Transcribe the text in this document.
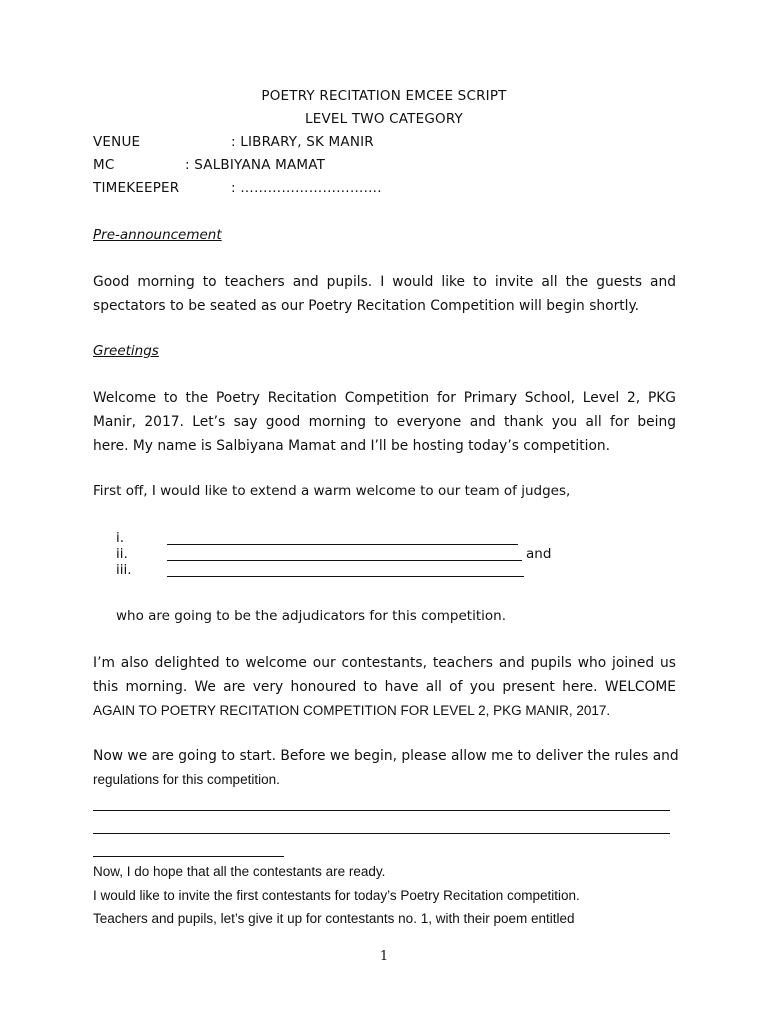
POETRY RECITATION EMCEE SCRIPT
LEVEL TWO CATEGORY
VENUE	: LIBRARY, SK MANIR
MC	: SALBIYANA MAMAT
TIMEKEEPER	: ………………………….
Pre-announcement
Good morning to teachers and pupils. I would like to invite all the guests and
spectators to be seated as our Poetry Recitation Competition will begin shortly.
Greetings
Welcome to the Poetry Recitation Competition for Primary School, Level 2, PKG
Manir, 2017. Let’s say good morning to everyone and thank you all for being
here. My name is Salbiyana Mamat and I’ll be hosting today’s competition.
First off, I would like to extend a warm welcome to our team of judges,
i.
ii.	and
iii.
who are going to be the adjudicators for this competition.
I’m also delighted to welcome our contestants, teachers and pupils who joined us
this morning. We are very honoured to have all of you present here. WELCOME
AGAIN TO POETRY RECITATION COMPETITION FOR LEVEL 2, PKG MANIR, 2017.
Now we are going to start. Before we begin, please allow me to deliver the rules and
regulations for this competition.
Now, I do hope that all the contestants are ready.
I would like to invite the first contestants for today’s Poetry Recitation competition.
Teachers and pupils, let’s give it up for contestants no. 1, with their poem entitled
1
